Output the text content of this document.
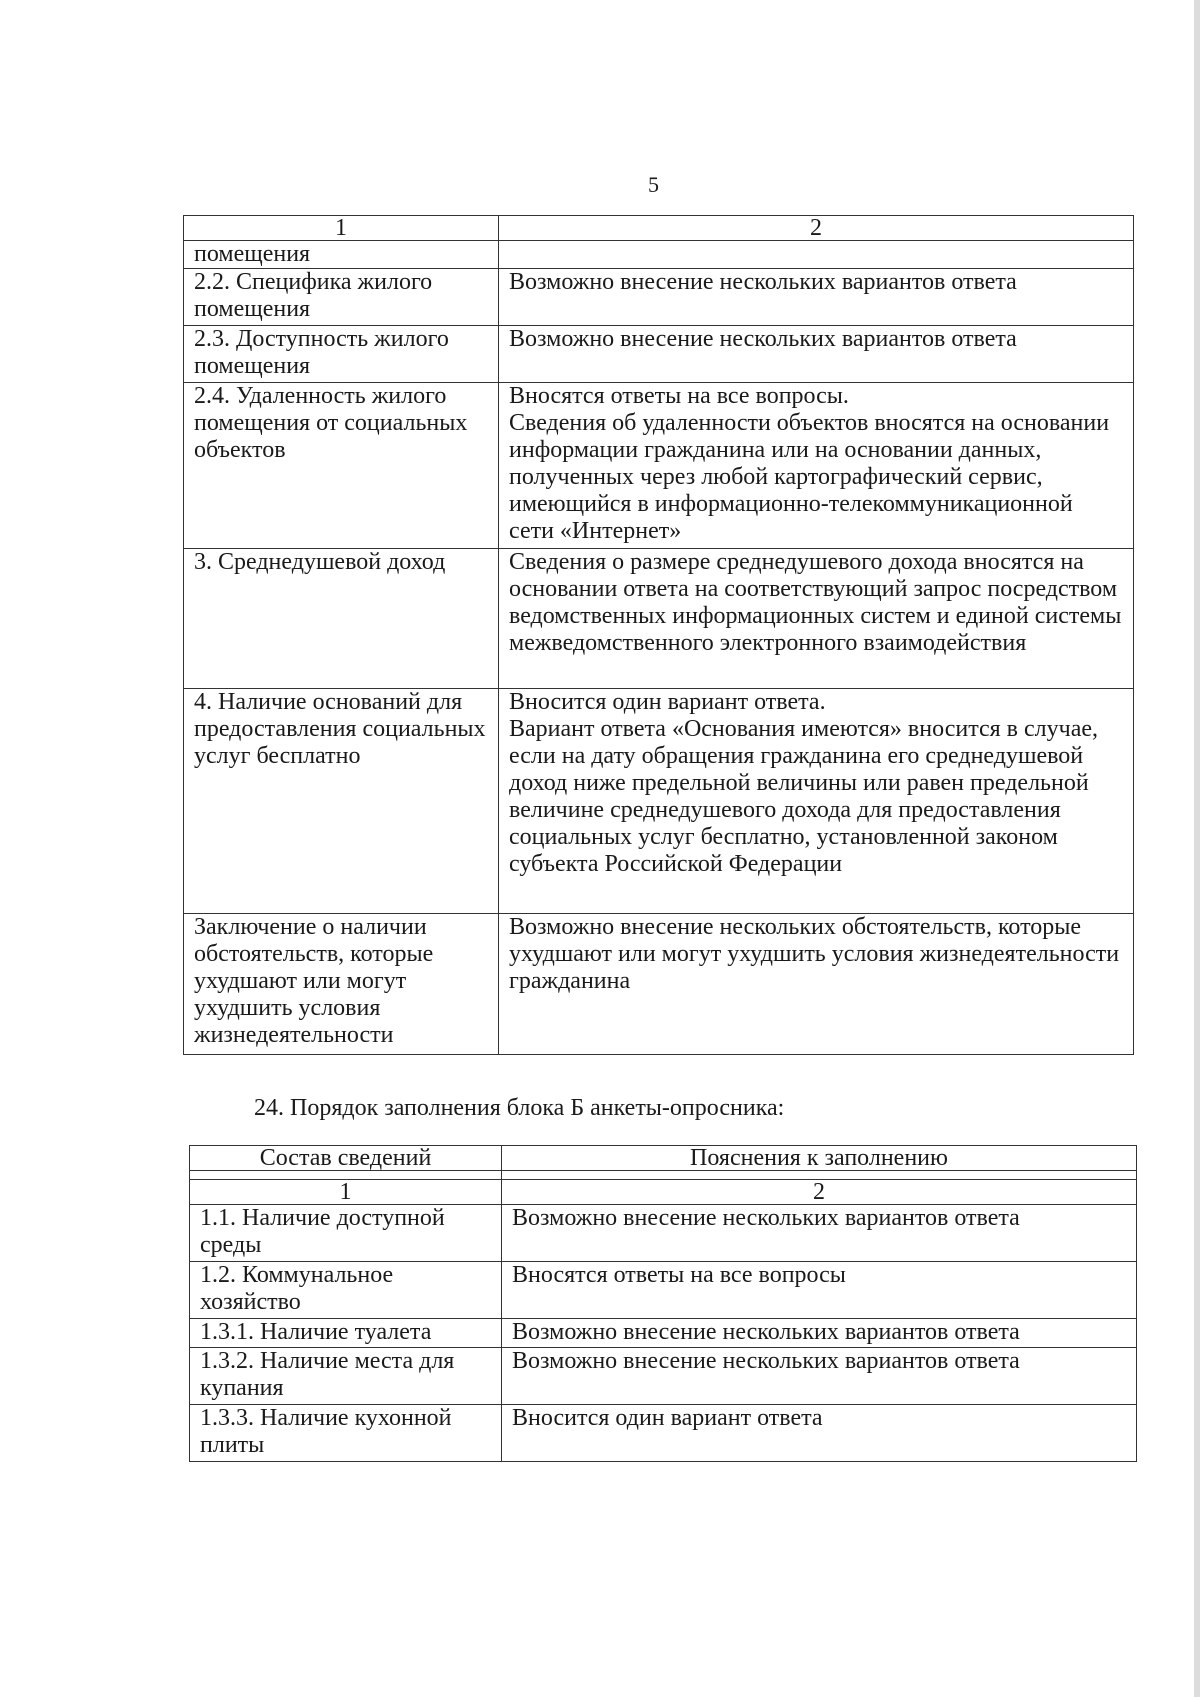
5
1	2
помещения	
2.2. Специфика жилого помещения	Возможно внесение нескольких вариантов ответа
2.3. Доступность жилого помещения	Возможно внесение нескольких вариантов ответа
2.4. Удаленность жилого помещения от социальных объектов	Вносятся ответы на все вопросы.
Сведения об удаленности объектов вносятся на основании информации гражданина или на основании данных, полученных через любой картографический сервис, имеющийся в информационно-телекоммуникационной сети «Интернет»

3. Среднедушевой доход	Сведения о размере среднедушевого дохода вносятся на основании ответа на соответствующий запрос посредством ведомственных информационных систем и единой системы межведомственного электронного взаимодействия
4. Наличие оснований для предоставления социальных услуг бесплатно	Вносится один вариант ответа.
Вариант ответа «Основания имеются» вносится в случае, если на дату обращения гражданина его среднедушевой доход ниже предельной величины или равен предельной величине среднедушевого дохода для предоставления социальных услуг бесплатно, установленной законом субъекта Российской Федерации

Заключение о наличии обстоятельств, которые ухудшают или могут ухудшить условия жизнедеятельности	Возможно внесение нескольких обстоятельств, которые ухудшают или могут ухудшить условия жизнедеятельности гражданина
24. Порядок заполнения блока Б анкеты-опросника:
Состав сведений	Пояснения к заполнению

1	2
1.1. Наличие доступной среды	Возможно внесение нескольких вариантов ответа
1.2. Коммунальное хозяйство	Вносятся ответы на все вопросы
1.3.1. Наличие туалета	Возможно внесение нескольких вариантов ответа
1.3.2. Наличие места для купания	Возможно внесение нескольких вариантов ответа
1.3.3. Наличие кухонной плиты	Вносится один вариант ответа
